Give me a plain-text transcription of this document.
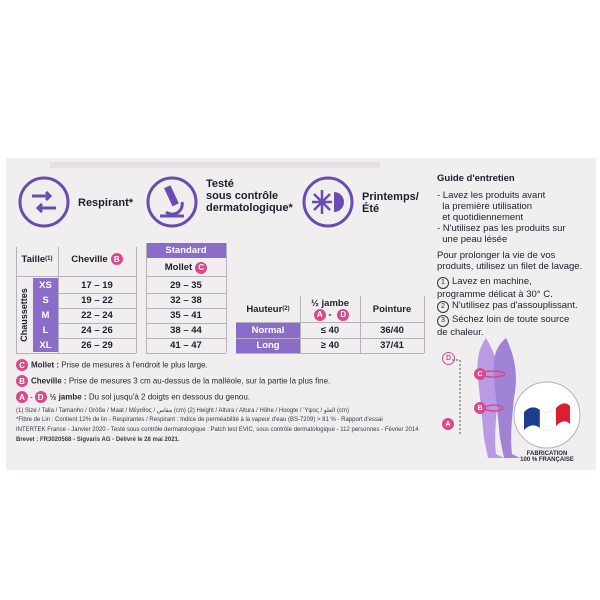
Respirant*
Testé
sous contrôle
dermatologique*
Printemps/
Été
Taille (1) Cheville B
Standard
Mollet C
Chaussettes
XS
S
M
L
XL
17 – 19
19 – 22
22 – 24
24 – 26
26 – 29
29 – 35
32 – 38
35 – 41
38 – 44
41 – 47
Hauteur (2)
½ jambe
A - D	Pointure
Normal
Long
≤ 40
≥ 40
36/40
37/41
C Mollet : Prise de mesures à l'endroit le plus large.
B Cheville : Prise de mesures 3 cm au-dessus de la malléole, sur la partie la plus fine.
A - D ½ jambe : Du sol jusqu'à 2 doigts en dessous du genou.
(1) Size / Talla / Tamanho / Größe / Maat / Μέγεθος / مقاس (cm) (2) Height / Altura / Altura / Höhe / Hoogte / Ύψος / العلو (cm)
*Fibre de Lin : Contient 12% de lin - Respirantes / Respirant : Indice de perméabilité à la vapeur d'eau (BS-7209) > 81 % - Rapport d'essai
INTERTEK France - Janvier 2020 - Testé sous contrôle dermatologique : Patch test EVIC, sous contrôle dermatologique - 112 personnes - Février 2014
Brevet : FR3020568 - Sigvaris AG - Délivré le 28 mai 2021.
Guide d'entretien
- Lavez les produits avant
la première utilisation
et quotidiennement
- N'utilisez pas les produits sur
une peau lésée
Pour prolonger la vie de vos
produits, utilisez un filet de lavage.
1 Lavez en machine,
programme délicat à 30° C.
2 N'utilisez pas d'assouplissant.
3 Séchez loin de toute source
de chaleur.
D
C
B
A
FABRICATION
100 % FRANÇAISE
